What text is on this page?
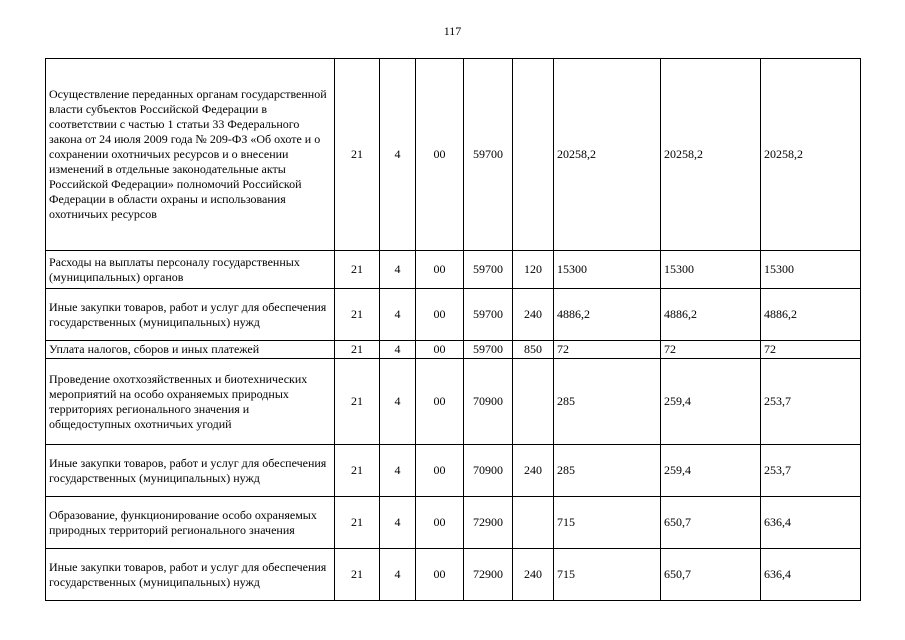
117
Осуществление переданных органам государственной власти субъектов Российской Федерации в соответствии с частью 1 статьи 33 Федерального закона от 24 июля 2009 года № 209-ФЗ «Об охоте и о сохранении охотничьих ресурсов и о внесении изменений в отдельные законодательные акты Российской Федерации» полномочий Российской Федерации в области охраны и использования охотничьих ресурсов	21	4	00	59700		20258,2	20258,2	20258,2
Расходы на выплаты персоналу государственных (муниципальных) органов	21	4	00	59700	120	15300	15300	15300
Иные закупки товаров, работ и услуг для обеспечения государственных (муниципальных) нужд	21	4	00	59700	240	4886,2	4886,2	4886,2
Уплата налогов, сборов и иных платежей	21	4	00	59700	850	72	72	72
Проведение охотхозяйственных и биотехнических мероприятий на особо охраняемых природных территориях регионального значения и общедоступных охотничьих угодий	21	4	00	70900		285	259,4	253,7
Иные закупки товаров, работ и услуг для обеспечения государственных (муниципальных) нужд	21	4	00	70900	240	285	259,4	253,7
Образование, функционирование особо охраняемых природных территорий регионального значения	21	4	00	72900		715	650,7	636,4
Иные закупки товаров, работ и услуг для обеспечения государственных (муниципальных) нужд	21	4	00	72900	240	715	650,7	636,4
